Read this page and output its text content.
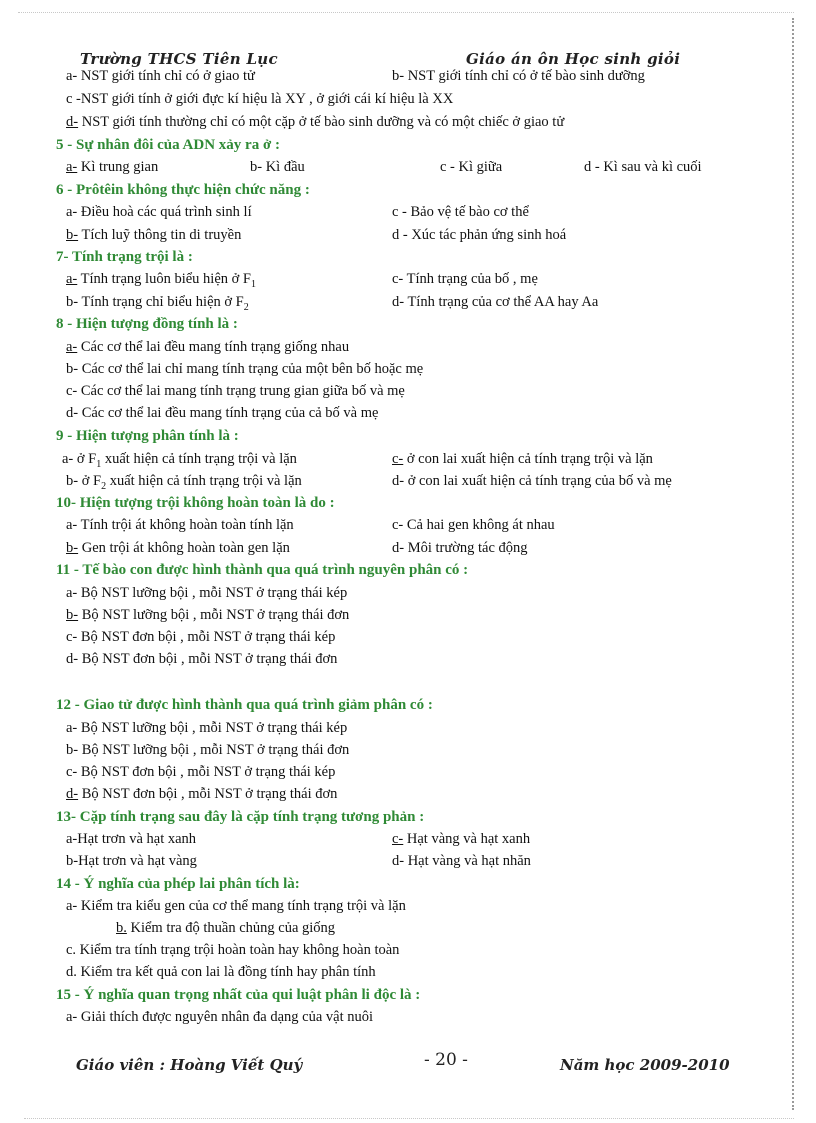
Trường THCS Tiên Lục	Giáo án ôn Học sinh giỏi
a- NST giới tính chỉ có ở giao tử	b- NST giới tính chỉ có ở tế bào sinh dưỡng
c -NST giới tính ở giới đực kí hiệu là XY , ở giới cái kí hiệu là XX
d- NST giới tính thường chỉ có một cặp ở tế bào sinh dưỡng và có một chiếc ở giao tử
5 - Sự nhân đôi của ADN xảy ra ở :
a- Kì trung gian	b- Kì đầu	c - Kì giữa	d - Kì sau và kì cuối
6 - Prôtêin không thực hiện chức năng :
a- Điều hoà các quá trình sinh lí	c - Bảo vệ tế bào cơ thể
b- Tích luỹ thông tin di truyền	d - Xúc tác phản ứng sinh hoá
7- Tính trạng trội là :
a- Tính trạng luôn biểu hiện ở $F_1$	c- Tính trạng của bố , mẹ
b- Tính trạng chỉ biểu hiện ở $F_2$	d- Tính trạng của cơ thể AA hay Aa
8 - Hiện tượng đồng tính là :
a- Các cơ thể lai đều mang tính trạng giống nhau
b- Các cơ thể lai chỉ mang tính trạng của một bên bố hoặc mẹ
c- Các cơ thể lai mang tính trạng trung gian giữa bố và mẹ
d- Các cơ thể lai đều mang tính trạng của cả bố và mẹ
9 - Hiện tượng phân tính là :
a- ở $F_1$ xuất hiện cả tính trạng trội và lặn	c- ở con lai xuất hiện cả tính trạng trội và lặn
b- ở $F_2$ xuất hiện cả tính trạng trội và lặn	d- ở con lai xuất hiện cả tính trạng của bố và mẹ
10- Hiện tượng trội không hoàn toàn là do :
a- Tính trội át không hoàn toàn tính lặn	c- Cả hai gen không át nhau
b- Gen trội át không hoàn toàn gen lặn	d- Môi trường tác động
11 - Tế bào con được hình thành qua quá trình nguyên phân có :
a- Bộ NST lưỡng bội , mỗi NST ở trạng thái kép
b- Bộ NST lưỡng bội , mỗi NST ở trạng thái đơn
c- Bộ NST đơn bội , mỗi NST ở trạng thái kép
d- Bộ NST đơn bội , mỗi NST ở trạng thái đơn
12 - Giao tử được hình thành qua quá trình giảm phân có :
a- Bộ NST lưỡng bội , mỗi NST ở trạng thái kép
b- Bộ NST lưỡng bội , mỗi NST ở trạng thái đơn
c- Bộ NST đơn bội , mỗi NST ở trạng thái kép
d- Bộ NST đơn bội , mỗi NST ở trạng thái đơn
13- Cặp tính trạng sau đây là cặp tính trạng tương phản :
a-Hạt trơn và hạt xanh	c- Hạt vàng và hạt xanh
b-Hạt trơn và hạt vàng	d- Hạt vàng và hạt nhăn
14 - Ý nghĩa của phép lai phân tích là:
a- Kiểm tra kiểu gen của cơ thể mang tính trạng trội và lặn
b. Kiểm tra độ thuần chủng của giống
c. Kiểm tra tính trạng trội hoàn toàn hay không hoàn toàn
d. Kiểm tra kết quả con lai là đồng tính hay phân tính
15 - Ý nghĩa quan trọng nhất của qui luật phân li độc là :
a- Giải thích được nguyên nhân đa dạng của vật nuôi
Giáo viên : Hoàng Viết Quý	- 20 -	Năm học 2009-2010
